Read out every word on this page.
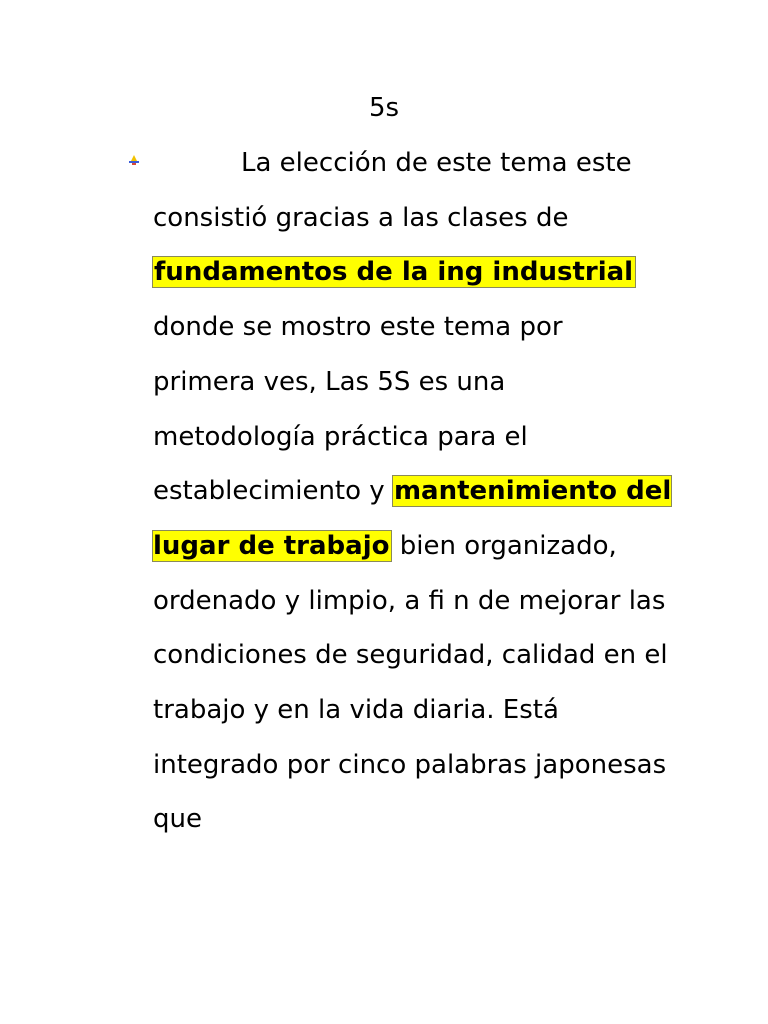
5s

La elección de este tema este consistió gracias a las clases de fundamentos de la ing industrial donde se mostro este tema por primera ves, Las 5S es una metodología práctica para el establecimiento y mantenimiento del lugar de trabajo bien organizado, ordenado y limpio, a fi n de mejorar las condiciones de seguridad, calidad en el trabajo y en la vida diaria. Está integrado por cinco palabras japonesas que
